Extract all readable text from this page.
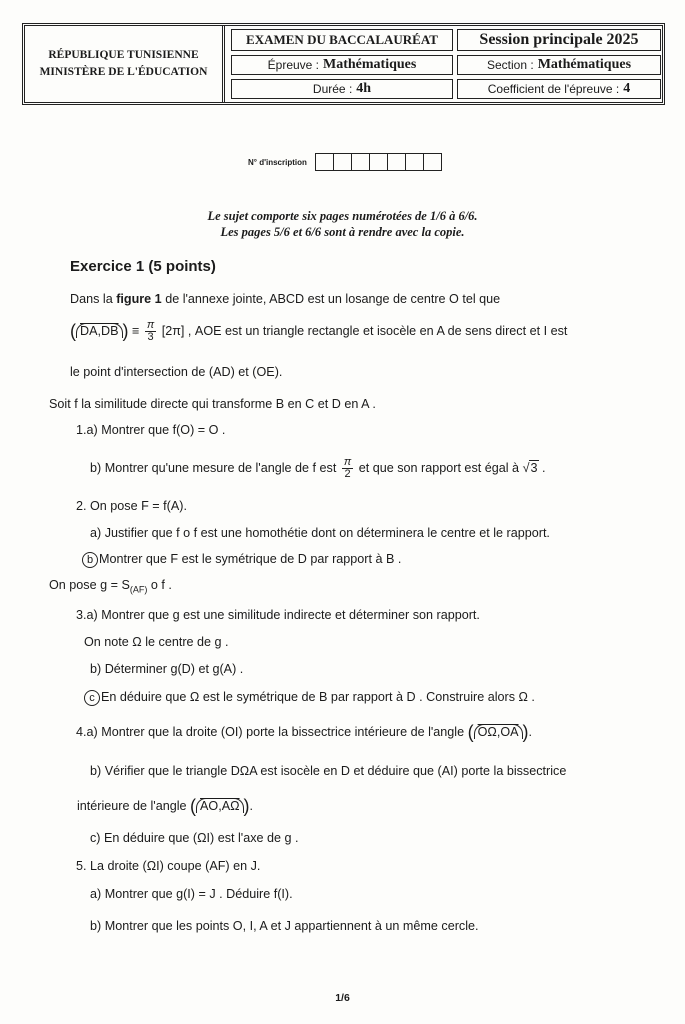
RÉPUBLIQUE TUNISIENNE
MINISTÈRE DE L'ÉDUCATION
EXAMEN DU BACCALAURÉAT	Session principale 2025
Épreuve : Mathématiques	Section : Mathématiques
Durée : 4h	Coefficient de l'épreuve : 4
N° d'inscription
Le sujet comporte six pages numérotées de 1/6 à 6/6.
Les pages 5/6 et 6/6 sont à rendre avec la copie.
Exercice 1 (5 points)
Dans la figure 1 de l'annexe jointe, ABCD est un losange de centre O tel que
( DA,DB ) ≡ $\frac{\pi}{3} [2\pi]$ , AOE est un triangle rectangle et isocèle en A de sens direct et I est
le point d'intersection de (AD) et (OE).
Soit f la similitude directe qui transforme B en C et D en A .
1.a) Montrer que f(O) = O .
b) Montrer qu'une mesure de l'angle de f est $\frac{\pi}{2}$ et que son rapport est égal à √3 .
2. On pose F = f(A).
a) Justifier que f o f est une homothétie dont on déterminera le centre et le rapport.
b Montrer que F est le symétrique de D par rapport à B .
On pose $g = S_{(AF)}$ o f .
3.a) Montrer que g est une similitude indirecte et déterminer son rapport.
On note Ω le centre de g .
b) Déterminer g(D) et g(A) .
c En déduire que Ω est le symétrique de B par rapport à D . Construire alors Ω .
4.a) Montrer que la droite (OI) porte la bissectrice intérieure de l'angle ( OΩ,OA ).
b) Vérifier que le triangle DΩA est isocèle en D et déduire que (AI) porte la bissectrice
intérieure de l'angle ( AO,AΩ ).
c) En déduire que (ΩI) est l'axe de g .
5. La droite (ΩI) coupe (AF) en J.
a) Montrer que g(I) = J . Déduire f(I).
b) Montrer que les points O, I, A et J appartiennent à un même cercle.
1/6
